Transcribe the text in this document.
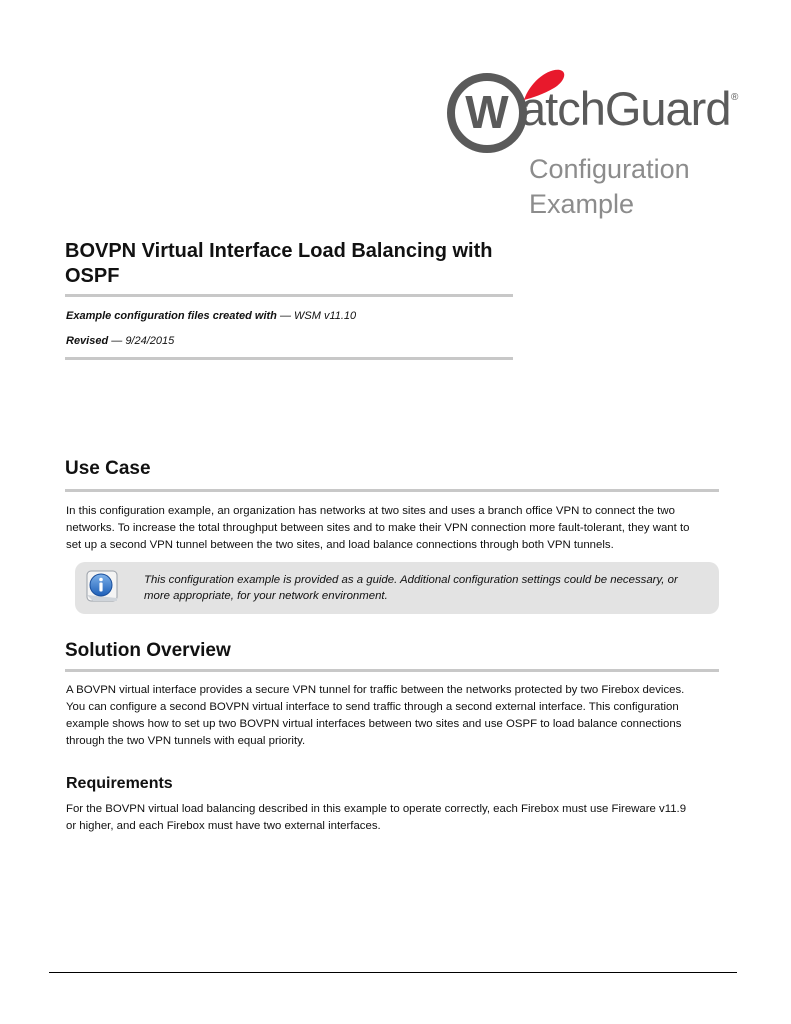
W atchGuard ®
Configuration
Example
BOVPN Virtual Interface Load Balancing with
OSPF
Example configuration files created with — WSM v11.10
Revised — 9/24/2015
Use Case
In this configuration example, an organization has networks at two sites and uses a branch office VPN to connect the two
networks. To increase the total throughput between sites and to make their VPN connection more fault-tolerant, they want to
set up a second VPN tunnel between the two sites, and load balance connections through both VPN tunnels.
This configuration example is provided as a guide. Additional configuration settings could be necessary, or
more appropriate, for your network environment.
Solution Overview
A BOVPN virtual interface provides a secure VPN tunnel for traffic between the networks protected by two Firebox devices.
You can configure a second BOVPN virtual interface to send traffic through a second external interface. This configuration
example shows how to set up two BOVPN virtual interfaces between two sites and use OSPF to load balance connections
through the two VPN tunnels with equal priority.
Requirements
For the BOVPN virtual load balancing described in this example to operate correctly, each Firebox must use Fireware v11.9
or higher, and each Firebox must have two external interfaces.
